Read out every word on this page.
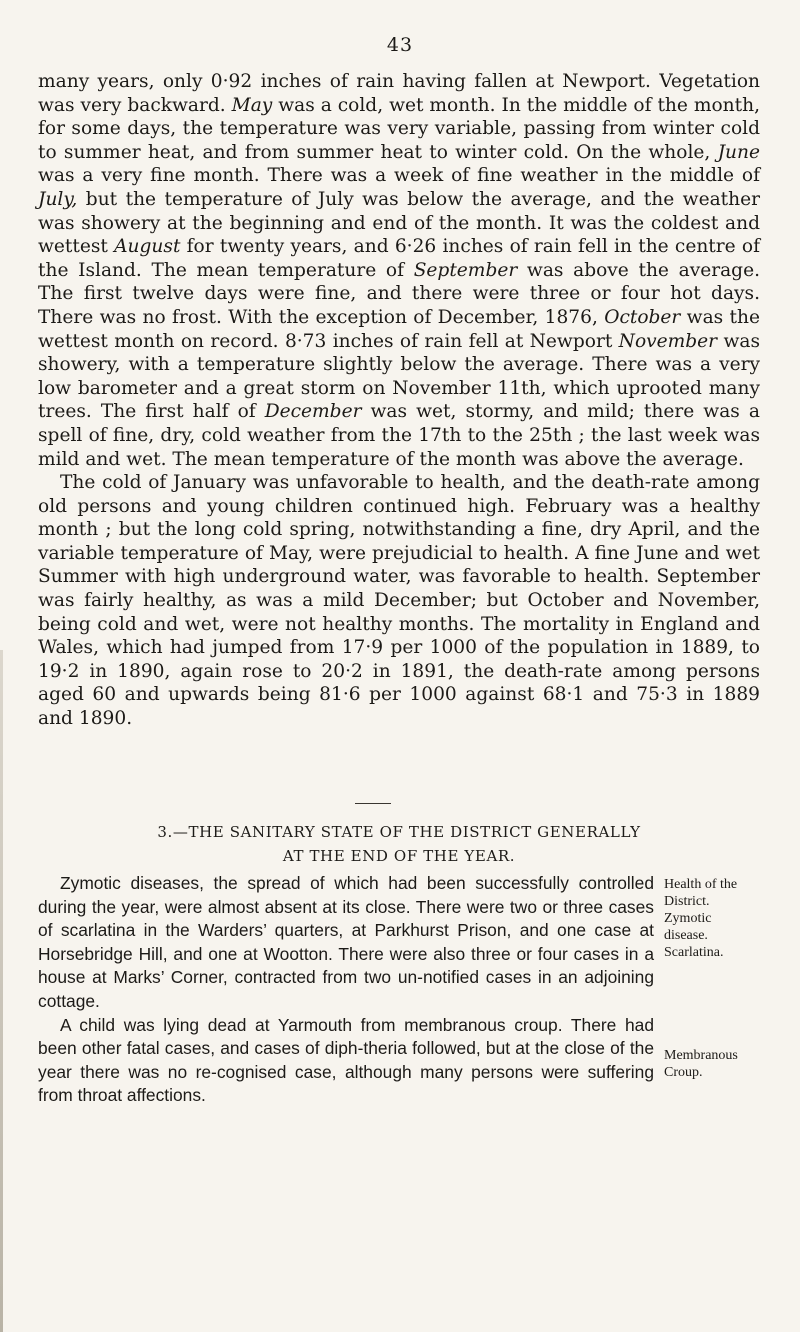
43

many years, only 0·92 inches of rain having fallen at Newport. Vegetation was very backward. May was a cold, wet month. In the middle of the month, for some days, the temperature was very variable, passing from winter cold to summer heat, and from summer heat to winter cold. On the whole, June was a very fine month. There was a week of fine weather in the middle of July, but the temperature of July was below the average, and the weather was showery at the beginning and end of the month. It was the coldest and wettest August for twenty years, and 6·26 inches of rain fell in the centre of the Island. The mean temperature of September was above the average. The first twelve days were fine, and there were three or four hot days. There was no frost. With the exception of December, 1876, October was the wettest month on record. 8·73 inches of rain fell at Newport November was showery, with a temperature slightly below the average. There was a very low barometer and a great storm on November 11th, which uprooted many trees. The first half of December was wet, stormy, and mild; there was a spell of fine, dry, cold weather from the 17th to the 25th ; the last week was mild and wet. The mean temperature of the month was above the average.

The cold of January was unfavorable to health, and the death-rate among old persons and young children continued high. February was a healthy month ; but the long cold spring, notwithstanding a fine, dry April, and the variable temperature of May, were prejudicial to health. A fine June and wet Summer with high underground water, was favorable to health. September was fairly healthy, as was a mild December; but October and November, being cold and wet, were not healthy months. The mortality in England and Wales, which had jumped from 17·9 per 1000 of the population in 1889, to 19·2 in 1890, again rose to 20·2 in 1891, the death-rate among persons aged 60 and upwards being 81·6 per 1000 against 68·1 and 75·3 in 1889 and 1890.

3.—THE SANITARY STATE OF THE DISTRICT GENERALLY
AT THE END OF THE YEAR.

Zymotic diseases, the spread of which had been successfully controlled during the year, were almost absent at its close. There were two or three cases of scarlatina in the Warders’ quarters, at Parkhurst Prison, and one case at Horsebridge Hill, and one at Wootton. There were also three or four cases in a house at Marks’ Corner, contracted from two un-notified cases in an adjoining cottage.

A child was lying dead at Yarmouth from membranous croup. There had been other fatal cases, and cases of diph-theria followed, but at the close of the year there was no re-cognised case, although many persons were suffering from throat affections.

Health of the
District.
Zymotic
disease.
Scarlatina.
Membranous
Croup.
